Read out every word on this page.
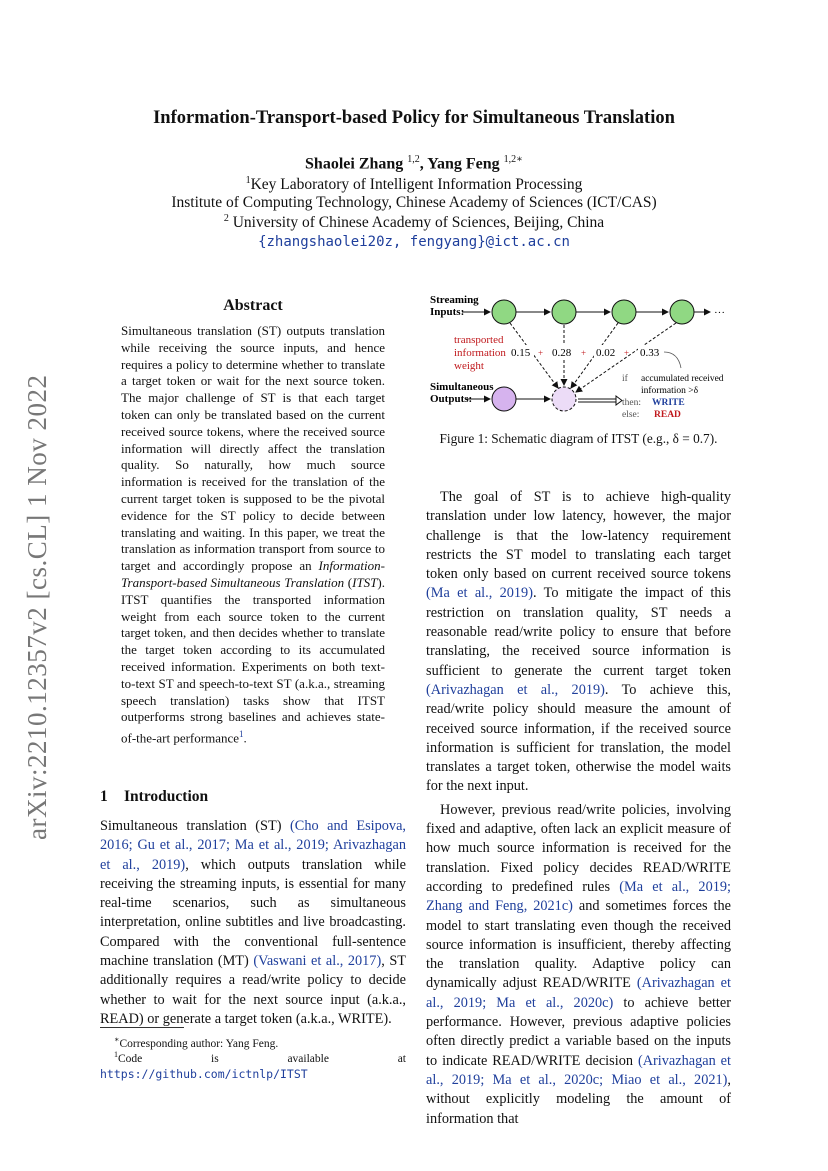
arXiv:2210.12357v2 [cs.CL] 1 Nov 2022
Information-Transport-based Policy for Simultaneous Translation
Shaolei Zhang $^{1,2}$, Yang Feng $^{1,2∗}$
$^1$Key Laboratory of Intelligent Information Processing
Institute of Computing Technology, Chinese Academy of Sciences (ICT/CAS)
$^2$ University of Chinese Academy of Sciences, Beijing, China
{zhangshaolei20z, fengyang}@ict.ac.cn
Abstract
Simultaneous translation (ST) outputs translation while receiving the source inputs, and hence requires a policy to determine whether to translate a target token or wait for the next source token. The major challenge of ST is that each target token can only be translated based on the current received source tokens, where the received source information will directly affect the translation quality. So naturally, how much source information is received for the translation of the current target token is supposed to be the pivotal evidence for the ST policy to decide between translating and waiting. In this paper, we treat the translation as information transport from source to target and accordingly propose an Information-Transport-based Simultaneous Translation (ITST). ITST quantifies the transported information weight from each source token to the current target token, and then decides whether to translate the target token according to its accumulated received information. Experiments on both text-to-text ST and speech-to-text ST (a.k.a., streaming speech translation) tasks show that ITST outperforms strong baselines and achieves state-of-the-art performance$^1$.
1 Introduction
Simultaneous translation (ST) (Cho and Esipova, 2016; Gu et al., 2017; Ma et al., 2019; Arivazhagan et al., 2019), which outputs translation while receiving the streaming inputs, is essential for many real-time scenarios, such as simultaneous interpretation, online subtitles and live broadcasting. Compared with the conventional full-sentence machine translation (MT) (Vaswani et al., 2017), ST additionally requires a read/write policy to decide whether to wait for the next source input (a.k.a., READ) or generate a target token (a.k.a., WRITE).
∗Corresponding author: Yang Feng.
$^1$Code is available at https://github.com/ictnlp/ITST
Streaming
Inputs:
Simultaneous
Outputs:
···
transported
information
weight
0.15 + 0.28 + 0.02 + 0.33
if accumulated received
information >δ
then: WRITE
else: READ
Figure 1: Schematic diagram of ITST (e.g., δ = 0.7).

The goal of ST is to achieve high-quality translation under low latency, however, the major challenge is that the low-latency requirement restricts the ST model to translating each target token only based on current received source tokens (Ma et al., 2019). To mitigate the impact of this restriction on translation quality, ST needs a reasonable read/write policy to ensure that before translating, the received source information is sufficient to generate the current target token (Arivazhagan et al., 2019). To achieve this, read/write policy should measure the amount of received source information, if the received source information is sufficient for translation, the model translates a target token, otherwise the model waits for the next input.

However, previous read/write policies, involving fixed and adaptive, often lack an explicit measure of how much source information is received for the translation. Fixed policy decides READ/WRITE according to predefined rules (Ma et al., 2019; Zhang and Feng, 2021c) and sometimes forces the model to start translating even though the received source information is insufficient, thereby affecting the translation quality. Adaptive policy can dynamically adjust READ/WRITE (Arivazhagan et al., 2019; Ma et al., 2020c) to achieve better performance. However, previous adaptive policies often directly predict a variable based on the inputs to indicate READ/WRITE decision (Arivazhagan et al., 2019; Ma et al., 2020c; Miao et al., 2021), without explicitly modeling the amount of information that
